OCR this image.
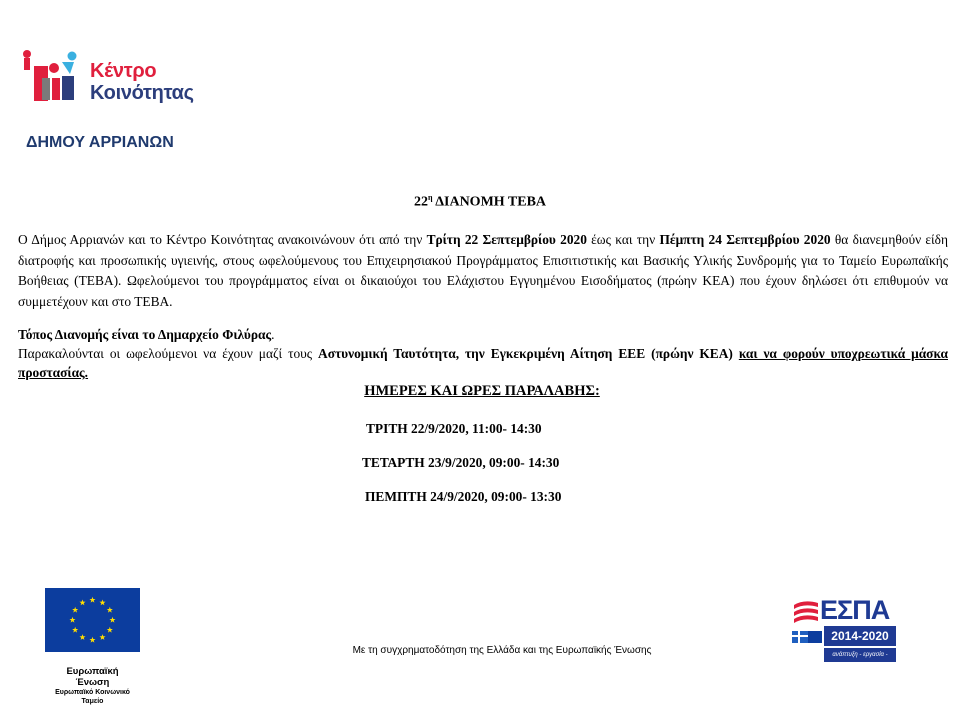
Κέντρο
Κοινότητας
ΔΗΜΟΥ ΑΡΡΙΑΝΩΝ
$22^\eta$ ΔΙΑΝΟΜΗ ΤΕΒΑ
Ο Δήμος Αρριανών και το Κέντρο Κοινότητας ανακοινώνουν ότι από την Τρίτη 22 Σεπτεμβρίου 2020 έως και την Πέμπτη 24 Σεπτεμβρίου 2020 θα διανεμηθούν είδη διατροφής και προσωπικής υγιεινής, στους ωφελούμενους του Επιχειρησιακού Προγράμματος Επισιτιστικής και Βασικής Υλικής Συνδρομής για το Ταμείο Ευρωπαϊκής Βοήθειας (ΤΕΒΑ). Ωφελούμενοι του προγράμματος είναι οι δικαιούχοι του Ελάχιστου Εγγυημένου Εισοδήματος (πρώην ΚΕΑ) που έχουν δηλώσει ότι επιθυμούν να συμμετέχουν και στο ΤΕΒΑ.
Τόπος Διανομής είναι το Δημαρχείο Φιλύρας.
Παρακαλούνται οι ωφελούμενοι να έχουν μαζί τους Αστυνομική Ταυτότητα, την Εγκεκριμένη Αίτηση ΕΕΕ (πρώην ΚΕΑ) και να φορούν υποχρεωτικά μάσκα προστασίας.
ΗΜΕΡΕΣ ΚΑΙ ΩΡΕΣ ΠΑΡΑΛΑΒΗΣ:
ΤΡΙΤΗ 22/9/2020, 11:00- 14:30
ΤΕΤΑΡΤΗ 23/9/2020, 09:00- 14:30
ΠΕΜΠΤΗ 24/9/2020, 09:00- 13:30
Ευρωπαϊκή
Ένωση
Ευρωπαϊκό Κοινωνικό
Ταμείο
Με τη συγχρηματοδότηση της Ελλάδα και της Ευρωπαϊκής Ένωσης
ΕΣΠΑ
2014-2020
ανάπτυξη - εργασία - αλληλεγγύη
